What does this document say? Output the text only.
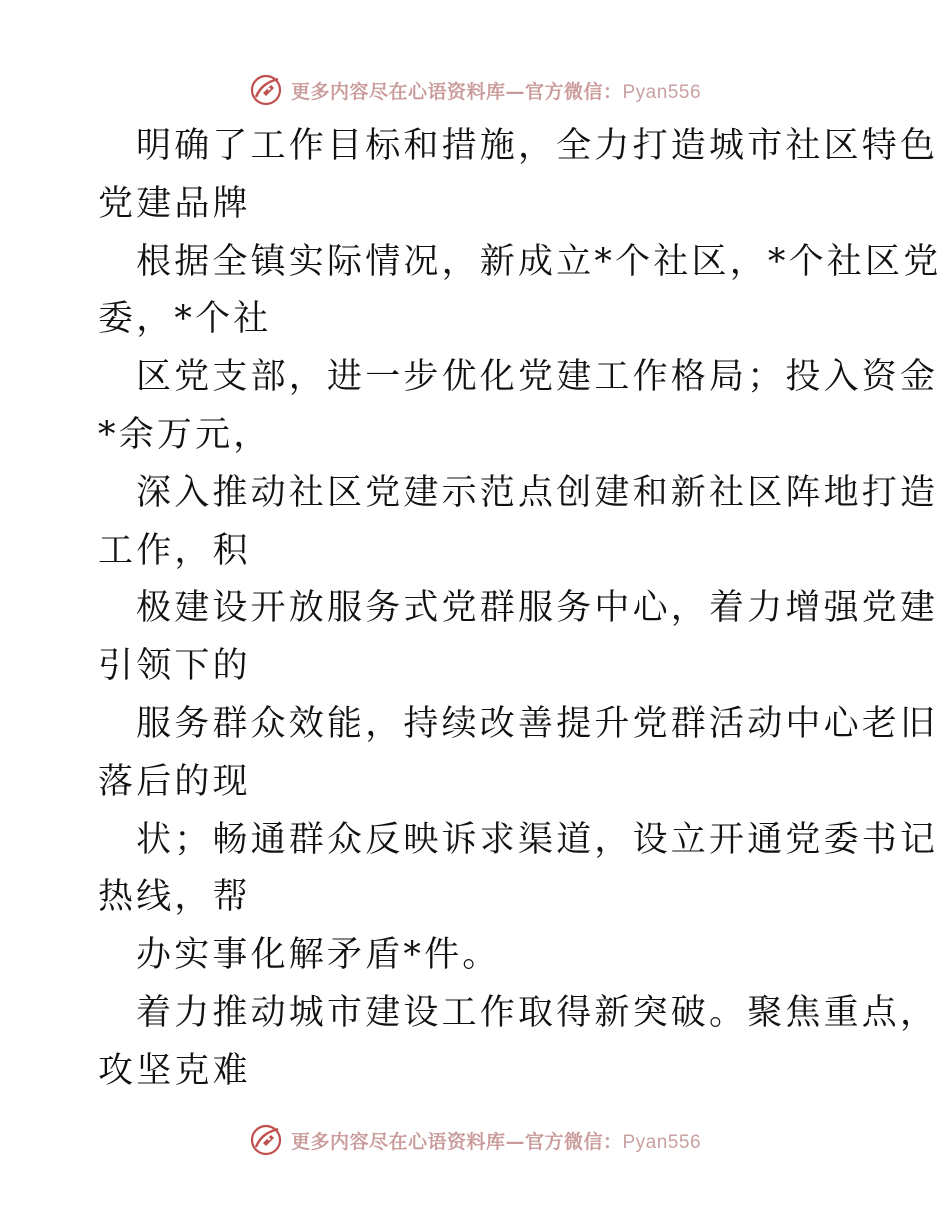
更多内容尽在心语资料库—官方微信：Pyan556
明确了工作目标和措施，全力打造城市社区特色
党建品牌
根据全镇实际情况，新成立*个社区，*个社区党
委，*个社
区党支部，进一步优化党建工作格局；投入资金
*余万元，
深入推动社区党建示范点创建和新社区阵地打造
工作，积
极建设开放服务式党群服务中心，着力增强党建
引领下的
服务群众效能，持续改善提升党群活动中心老旧
落后的现
状；畅通群众反映诉求渠道，设立开通党委书记
热线，帮
办实事化解矛盾*件。
着力推动城市建设工作取得新突破。聚焦重点，
攻坚克难
更多内容尽在心语资料库—官方微信：Pyan556
